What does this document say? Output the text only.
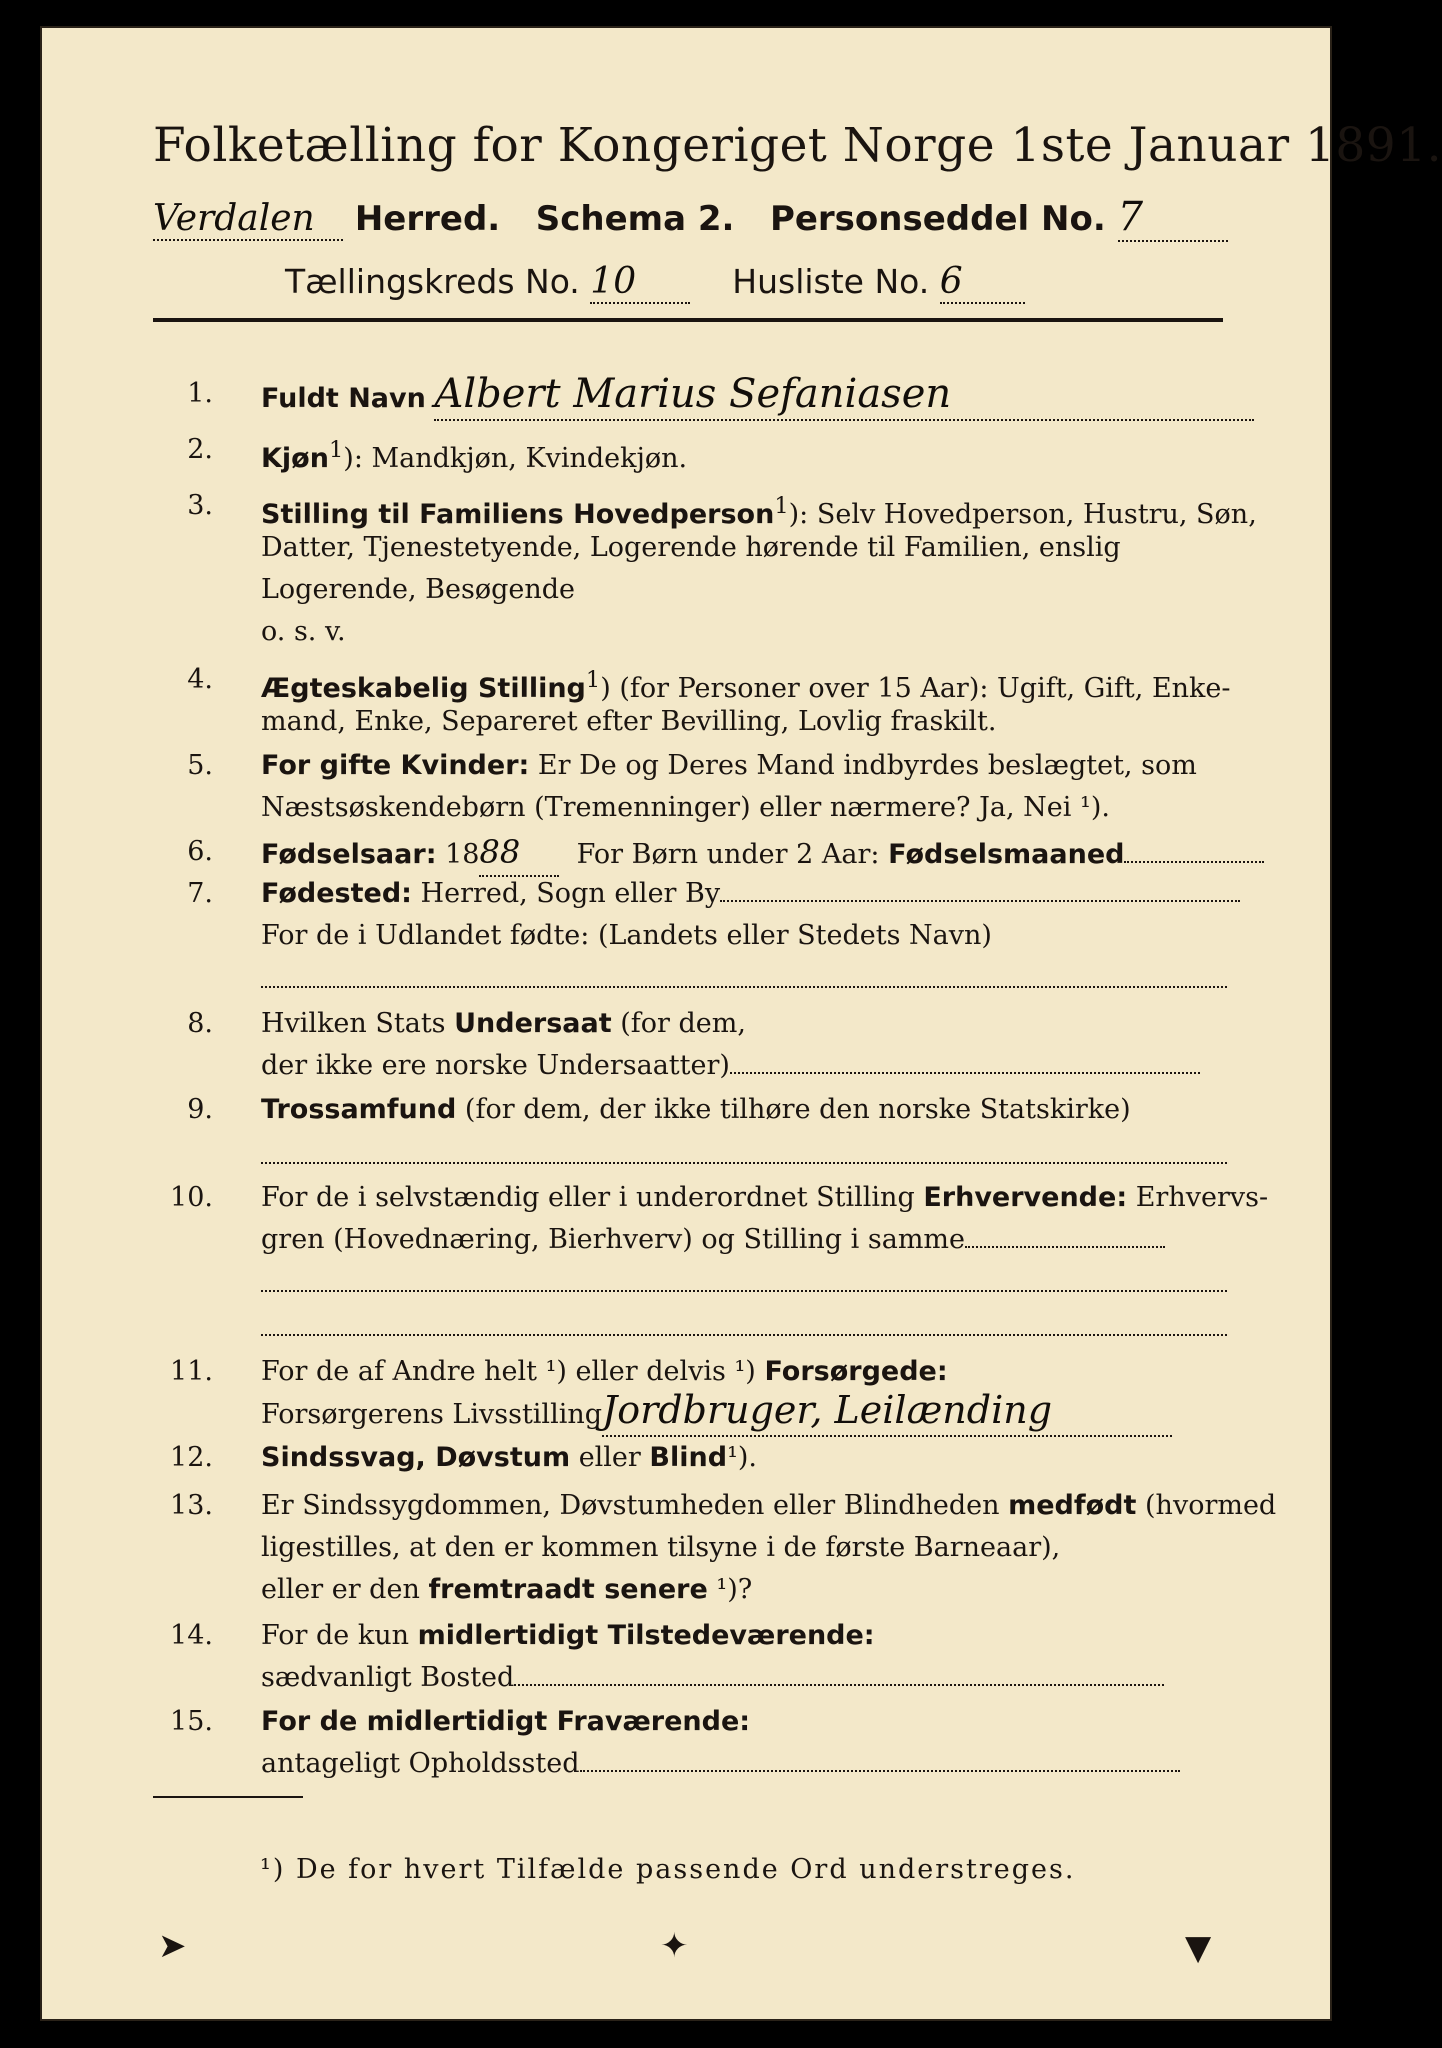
Folketælling for Kongeriget Norge 1ste Januar 1891.
Verdalen Herred. Schema 2. Personseddel No. 7
Tællingskreds No. 10	Husliste No. 6
1. Fuldt Navn Albert Marius Sefaniasen
2. Kjøn$^1$): Mandkjøn, Kvindekjøn.
3. Stilling til Familiens Hovedperson$^1$): Selv Hovedperson, Hustru, Søn,
Datter, Tjenestetyende, Logerende hørende til Familien, enslig
Logerende, Besøgende
o. s. v.
4. Ægteskabelig Stilling$^1$) (for Personer over 15 Aar): Ugift, Gift, Enke-
mand, Enke, Separeret efter Bevilling, Lovlig fraskilt.
5. For gifte Kvinder: Er De og Deres Mand indbyrdes beslægtet, som
Næstsøskendebørn (Tremenninger) eller nærmere? Ja, Nei ¹).
6. Fødselsaar: 1888 For Børn under 2 Aar: Fødselsmaaned
7. Fødested: Herred, Sogn eller By
For de i Udlandet fødte: (Landets eller Stedets Navn)
8. Hvilken Stats Undersaat (for dem,
der ikke ere norske Undersaatter)
9. Trossamfund (for dem, der ikke tilhøre den norske Statskirke)
10. For de i selvstændig eller i underordnet Stilling Erhvervende: Erhvervs-
gren (Hovednæring, Bierhverv) og Stilling i samme
11. For de af Andre helt ¹) eller delvis ¹) Forsørgede:
Forsørgerens LivsstillingJordbruger, Leilænding
12. Sindssvag, Døvstum eller Blind¹).
13. Er Sindssygdommen, Døvstumheden eller Blindheden medfødt (hvormed
ligestilles, at den er kommen tilsyne i de første Barneaar),
eller er den fremtraadt senere ¹)?
14. For de kun midlertidigt Tilstedeværende:
sædvanligt Bosted
15. For de midlertidigt Fraværende:
antageligt Opholdssted
¹) De for hvert Tilfælde passende Ord understreges.
➤	✦	▼
